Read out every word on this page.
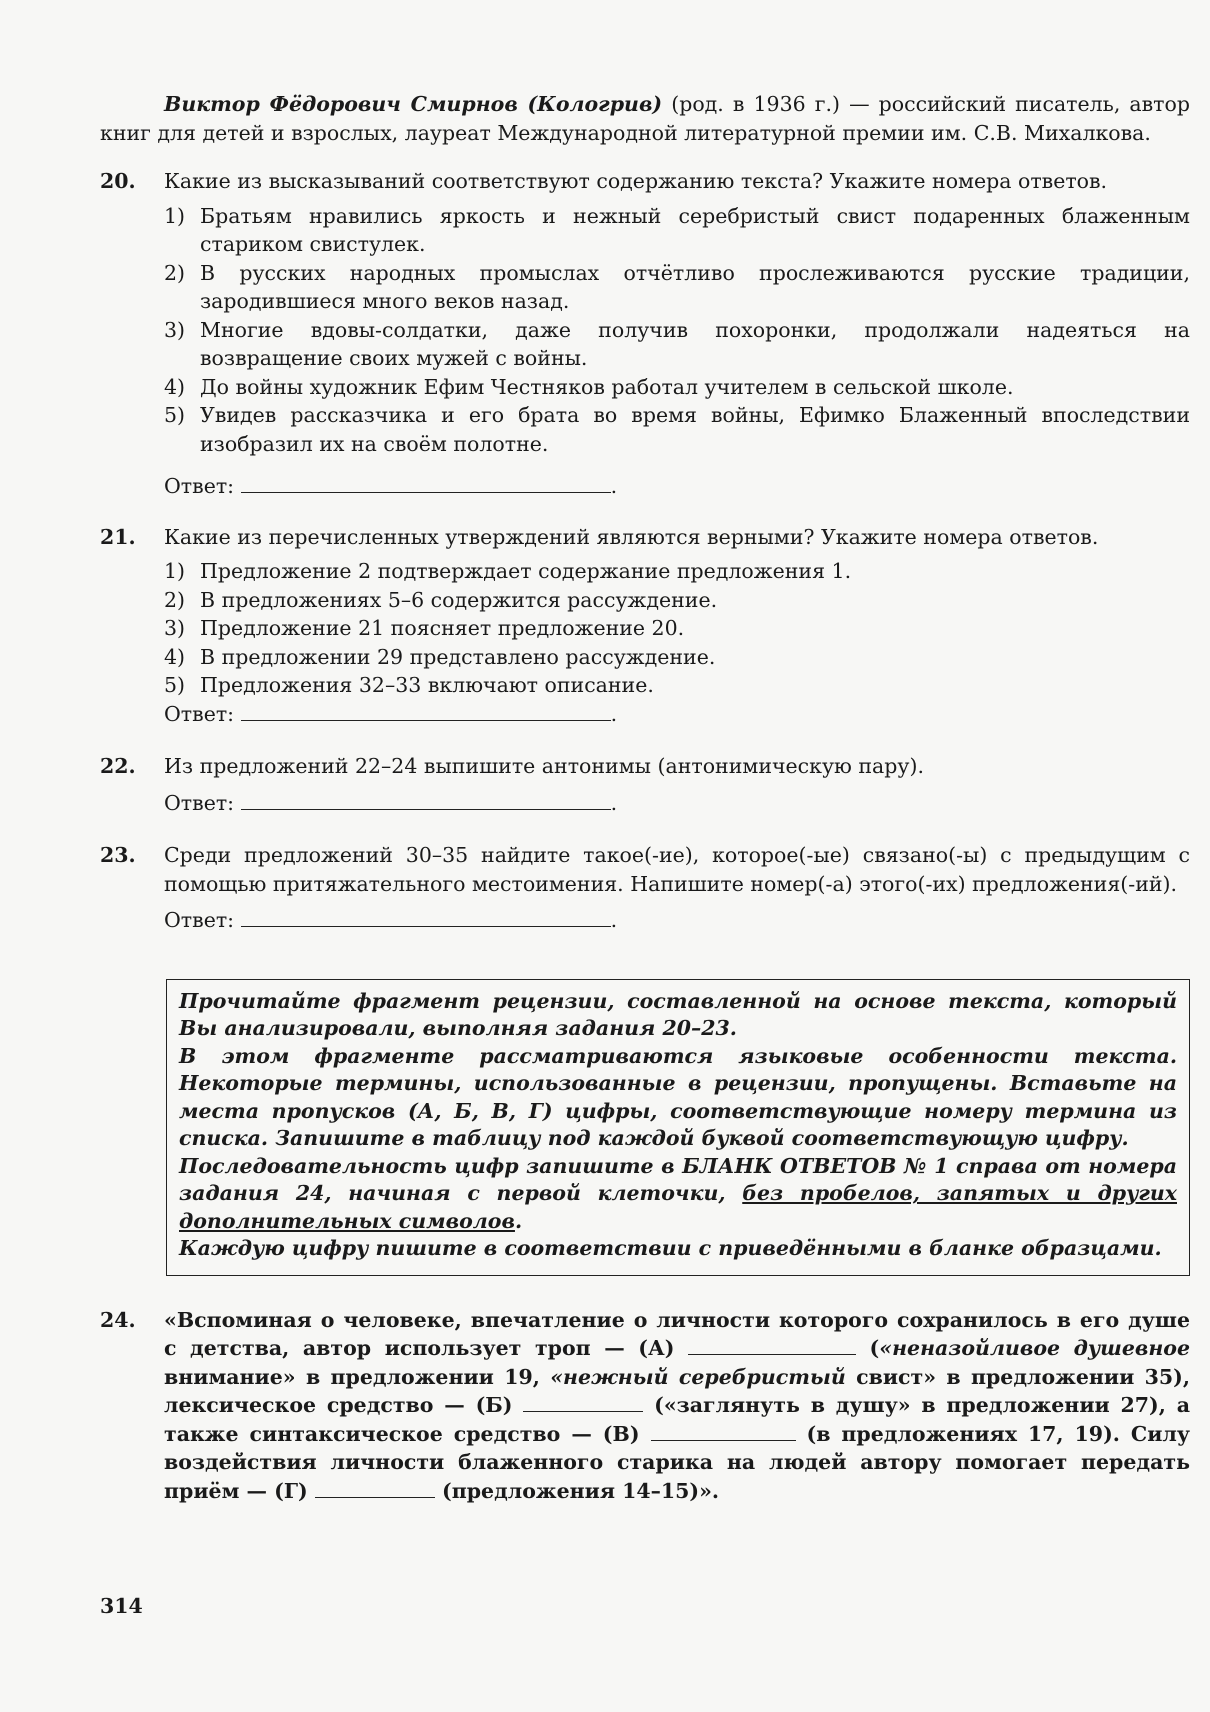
Виктор Фёдорович Смирнов (Кологрив) (род. в 1936 г.) — российский писатель, автор книг для детей и взрослых, лауреат Международной литературной премии им. С.В. Михалкова.

20. Какие из высказываний соответствуют содержанию текста? Укажите номера ответов.

1) Братьям нравились яркость и нежный серебристый свист подаренных блаженным стариком свистулек.
2) В русских народных промыслах отчётливо прослеживаются русские традиции, зародившиеся много веков назад.
3) Многие вдовы-солдатки, даже получив похоронки, продолжали надеяться на возвращение своих мужей с войны.
4) До войны художник Ефим Честняков работал учителем в сельской школе.
5) Увидев рассказчика и его брата во время войны, Ефимко Блаженный впоследствии изобразил их на своём полотне.

Ответ:	.

21. Какие из перечисленных утверждений являются верными? Укажите номера ответов.

1) Предложение 2 подтверждает содержание предложения 1.
2) В предложениях 5–6 содержится рассуждение.
3) Предложение 21 поясняет предложение 20.
4) В предложении 29 представлено рассуждение.
5) Предложения 32–33 включают описание.

Ответ:	.

22. Из предложений 22–24 выпишите антонимы (антонимическую пару).

Ответ:	.

23. Среди предложений 30–35 найдите такое(-ие), которое(-ые) связано(-ы) с предыдущим с помощью притяжательного местоимения. Напишите номер(-а) этого(-их) предложения(-ий).

Ответ:	.

Прочитайте фрагмент рецензии, составленной на основе текста, который Вы анализировали, выполняя задания 20–23.

В этом фрагменте рассматриваются языковые особенности текста. Некоторые термины, использованные в рецензии, пропущены. Вставьте на места пропусков (А, Б, В, Г) цифры, соответствующие номеру термина из списка. Запишите в таблицу под каждой буквой соответствующую цифру.

Последовательность цифр запишите в БЛАНК ОТВЕТОВ № 1 справа от номера задания 24, начиная с первой клеточки, без пробелов, запятых и других дополнительных символов.

Каждую цифру пишите в соответствии с приведёнными в бланке образцами.

24. «Вспоминая о человеке, впечатление о личности которого сохранилось в его душе с детства, автор использует троп — (А)	(«неназойливое душевное внимание» в предложении 19, «нежный серебристый свист» в предложении 35), лексическое средство — (Б)	(«заглянуть в душу» в предложении 27), а также синтаксическое средство — (В)	(в предложениях 17, 19). Силу воздействия личности блаженного старика на людей автору помогает передать приём — (Г)	(предложения 14–15)».

314
